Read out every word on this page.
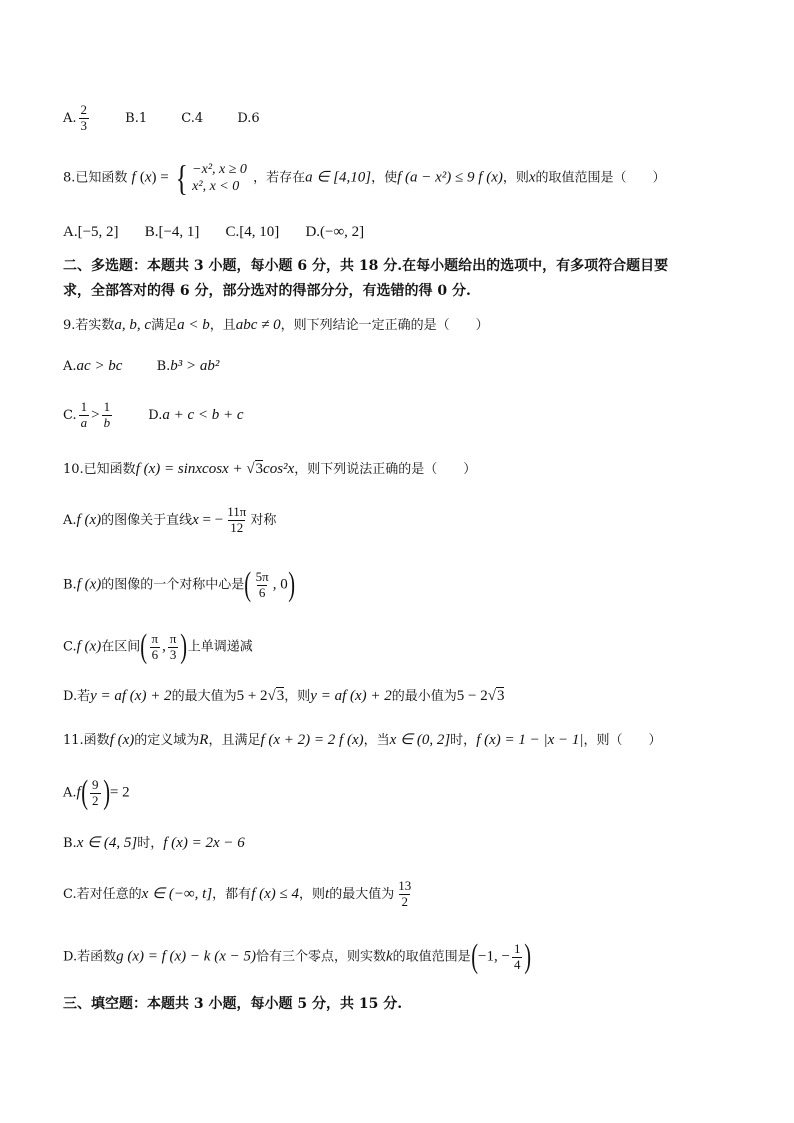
A. $\frac{2}{3}$	B.1	C.4	D.6
8.已知函数 f (x) = { −x², x ≥ 0
x², x < 0
，若存在a ∈ [4,10]，使f (a − x²) ≤ 9 f (x)，则x的取值范围是（　　）
A.[−5, 2] B.[−4, 1] C.[4, 10] D.(−∞, 2]
二、多选题：本题共 3 小题，每小题 6 分，共 18 分.在每小题给出的选项中，有多项符合题目要
求，全部答对的得 6 分，部分选对的得部分分，有选错的得 0 分.
9.若实数a, b, c满足a < b，且abc ≠ 0，则下列结论一定正确的是（　　）
A.ac > bc	B.b³ > ab²
C. $\frac{1}{a} > \frac{1}{b}$	D.a + c < b + c
10.已知函数f (x) = sinxcosx + √3cos²x，则下列说法正确的是（　　）
A.f (x)的图像关于直线x = − $\frac{11\pi}{12}$ 对称
B.f (x)的图像的一个对称中心是( $\frac{5\pi}{6}$ , 0)
C.f (x)在区间( $\frac{\pi}{6}$ , $\frac{\pi}{3}$ )上单调递减
D.若y = af (x) + 2的最大值为5 + 2√3，则y = af (x) + 2的最小值为5 − 2√3
11.函数f (x)的定义域为R，且满足f (x + 2) = 2 f (x)，当x ∈ (0, 2]时，f (x) = 1 − |x − 1|，则（　　）
$A.f( \frac{9}{2}$ )= 2
B.x ∈ (4, 5]时，f (x) = 2x − 6
C.若对任意的x ∈ (−∞, t]，都有f (x) ≤ 4，则t的最大值为 $\frac{13}{2}$
D.若函数g (x) = f (x) − k (x − 5)恰有三个零点，则实数k的取值范围是(−1, − $\frac{1}{4}$ )
三、填空题：本题共 3 小题，每小题 5 分，共 15 分.
